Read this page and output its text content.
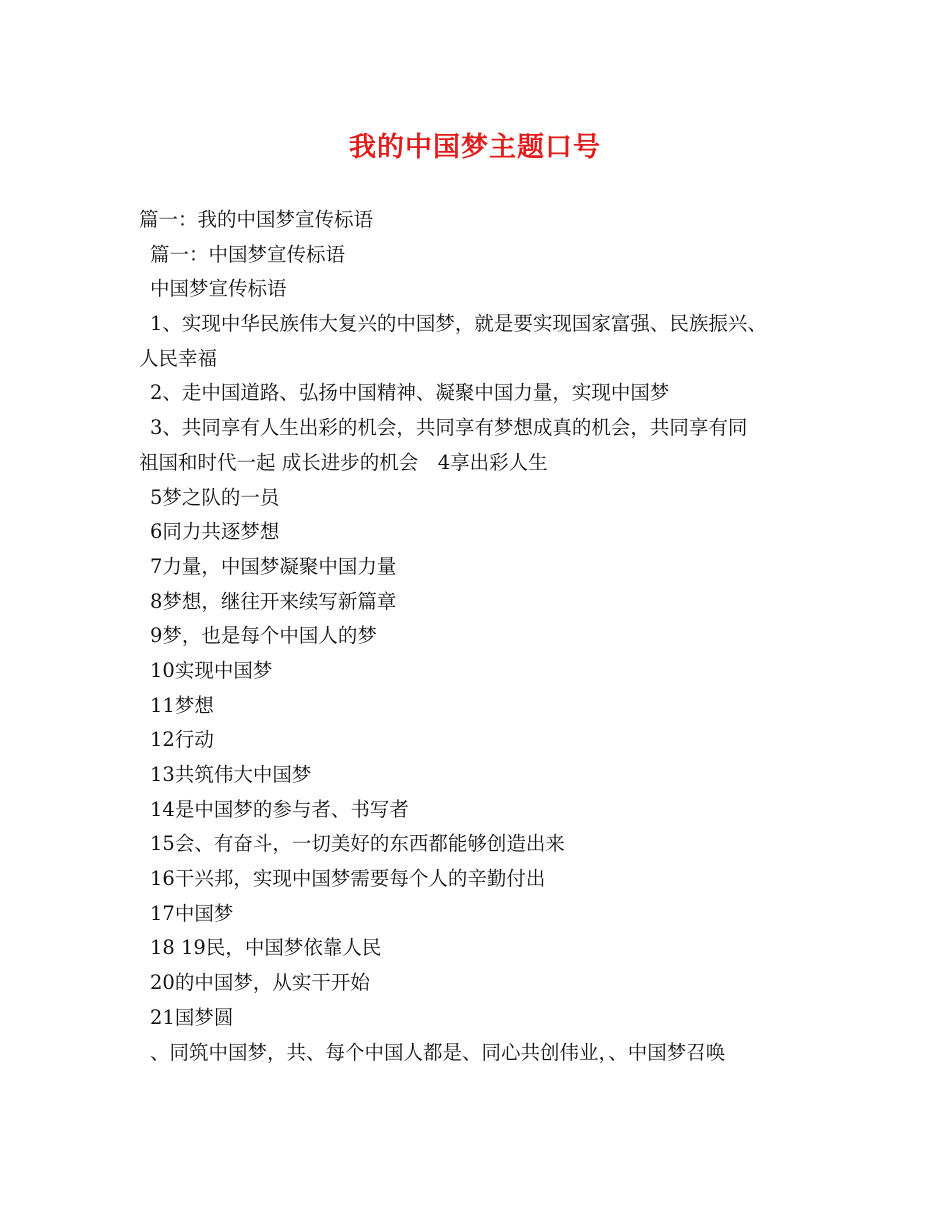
我的中国梦主题口号
篇一：我的中国梦宣传标语
篇一：中国梦宣传标语
中国梦宣传标语
1、实现中华民族伟大复兴的中国梦，就是要实现国家富强、民族振兴、
人民幸福
2、走中国道路、弘扬中国精神、凝聚中国力量，实现中国梦
3、共同享有人生出彩的机会，共同享有梦想成真的机会，共同享有同
祖国和时代一起 成长进步的机会　4享出彩人生
5梦之队的一员
6同力共逐梦想
7力量，中国梦凝聚中国力量
8梦想，继往开来续写新篇章
9梦，也是每个中国人的梦
10实现中国梦
11梦想
12行动
13共筑伟大中国梦
14是中国梦的参与者、书写者
15会、有奋斗，一切美好的东西都能够创造出来
16干兴邦，实现中国梦需要每个人的辛勤付出
17中国梦
18 19民，中国梦依靠人民
20的中国梦，从实干开始
21国梦圆
、同筑中国梦，共、每个中国人都是、同心共创伟业，、中国梦召唤
